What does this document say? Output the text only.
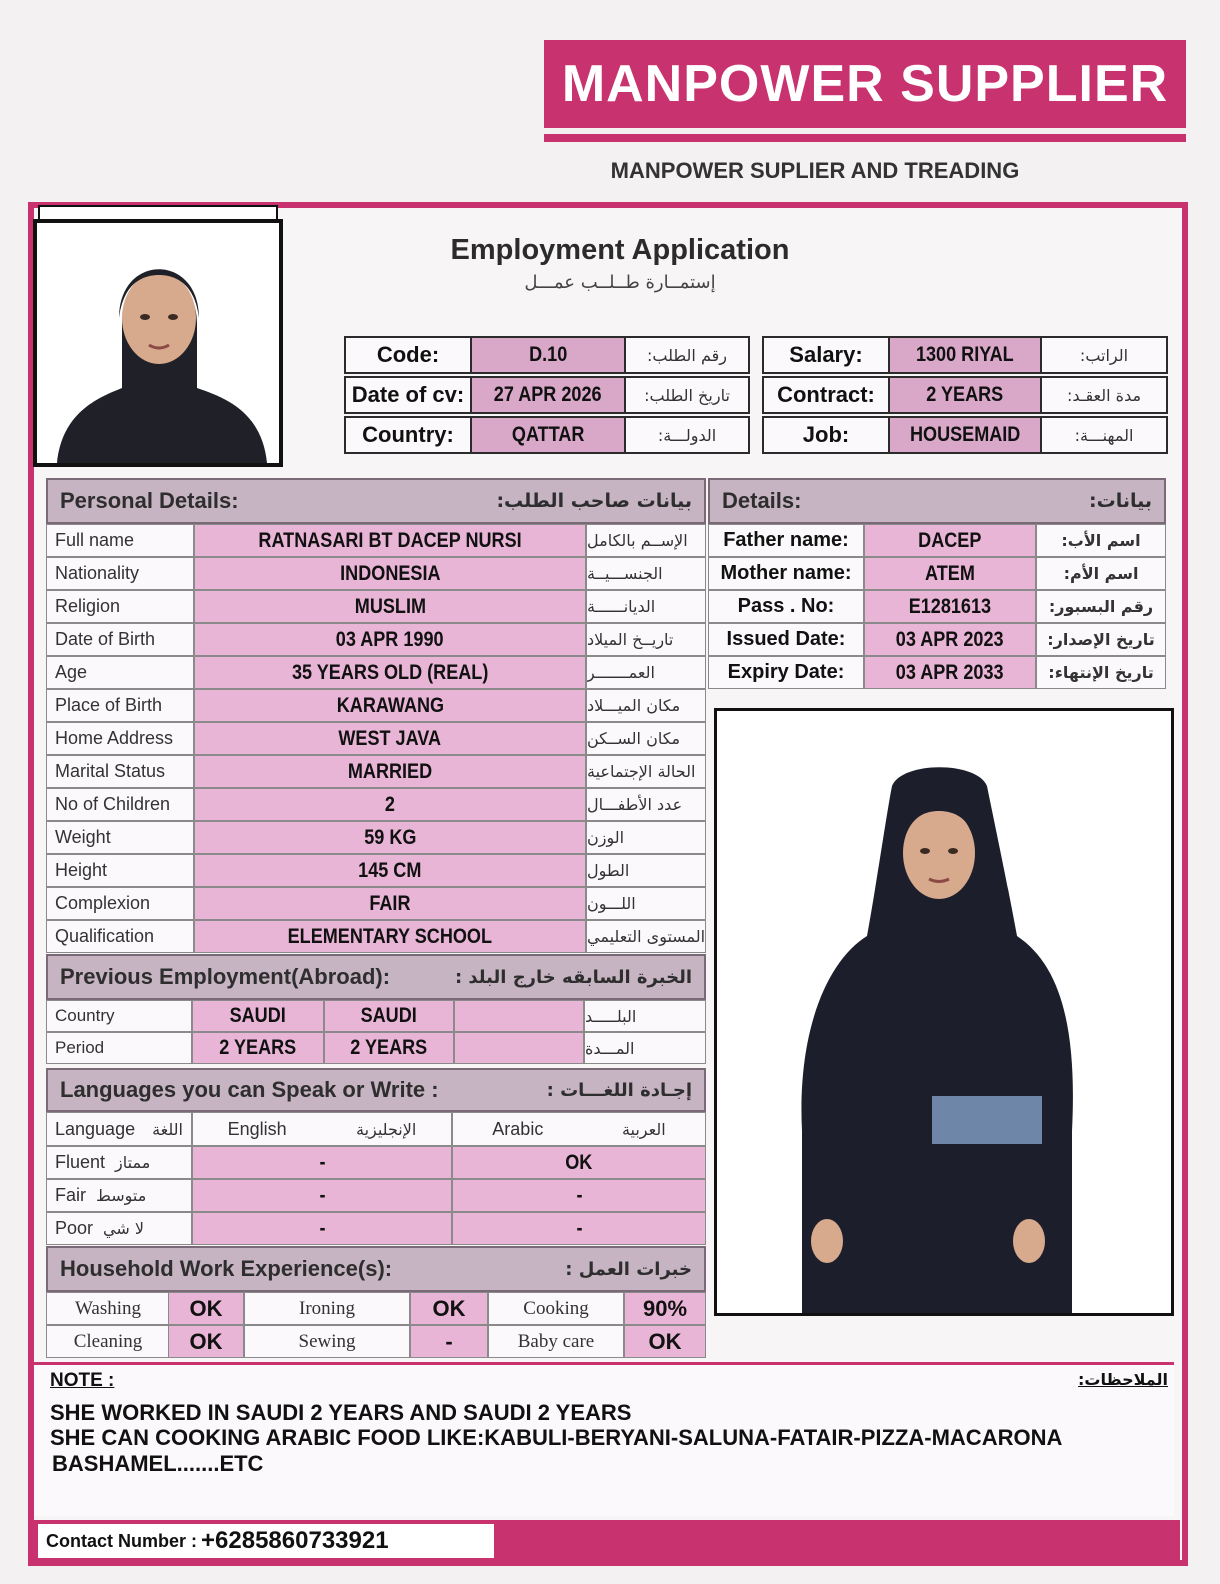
MANPOWER SUPPLIER
MANPOWER SUPLIER AND TREADING
Employment Application
إستمــارة طــلــب عمـــل
Code:	D.10	رقم الطلب:
Date of cv: 27 APR 2026	تاريخ الطلب:
Country:	QATTAR	الدولـــة:
Salary:	1300 RIYAL	الراتب:
Contract: 2 YEARS	مدة العقـد:
Job:	HOUSEMAID	المهنـــة:
Personal Details:	بيانات صاحب الطلب:
Full name	RATNASARI BT DACEP NURSI	الإســم بالكامل
Nationality	INDONESIA	الجنســـيــة
Religion	MUSLIM	الديانــــــة
Date of Birth	03 APR 1990	تاريــخ الميلاد
Age	35 YEARS OLD (REAL)	العمـــــــر
Place of Birth	KARAWANG	مكان الميـــلاد
Home Address	WEST JAVA	مكان الســكن
Marital Status	MARRIED	الحالة الإجتماعية
No of Children	2	عدد الأطفـــال
Weight	59 KG	الوزن
Height	145 CM	الطول
Complexion	FAIR	اللـــون
Qualification	ELEMENTARY SCHOOL	المستوى التعليمي
Details:	بيانات:
Father name:	DACEP	اسم الأب:
Mother name:	ATEM	اسم الأم:
Pass . No:	E1281613	رقم البسبور:
Issued Date: 03 APR 2023	تاريخ الإصدار:
Expiry Date: 03 APR 2033	تاريخ الإنتهاء:
Previous Employment(Abroad):	الخبرة السابقه خارج البلد :
Country	SAUDI	SAUDI	البلـــــد
Period	2 YEARS	2 YEARS	المـــدة
Languages you can Speak or Write :	إجـادة اللغـــات :
Language اللغة English	الإنجليزية	Arabic	العربية
Fluent ممتاز	-	OK
Fair متوسط	-	-
Poor لا شي	-	-
Household Work Experience(s):	خبرات العمل :
Washing OK	Ironing	OK	Cooking 90%
Cleaning OK	Sewing	-	Baby care OK
NOTE :	الملاحظات:
SHE WORKED IN SAUDI 2 YEARS AND SAUDI 2 YEARS
SHE CAN COOKING ARABIC FOOD LIKE:KABULI-BERYANI-SALUNA-FATAIR-PIZZA-MACARONA
BASHAMEL.......ETC
Contact Number : +6285860733921
